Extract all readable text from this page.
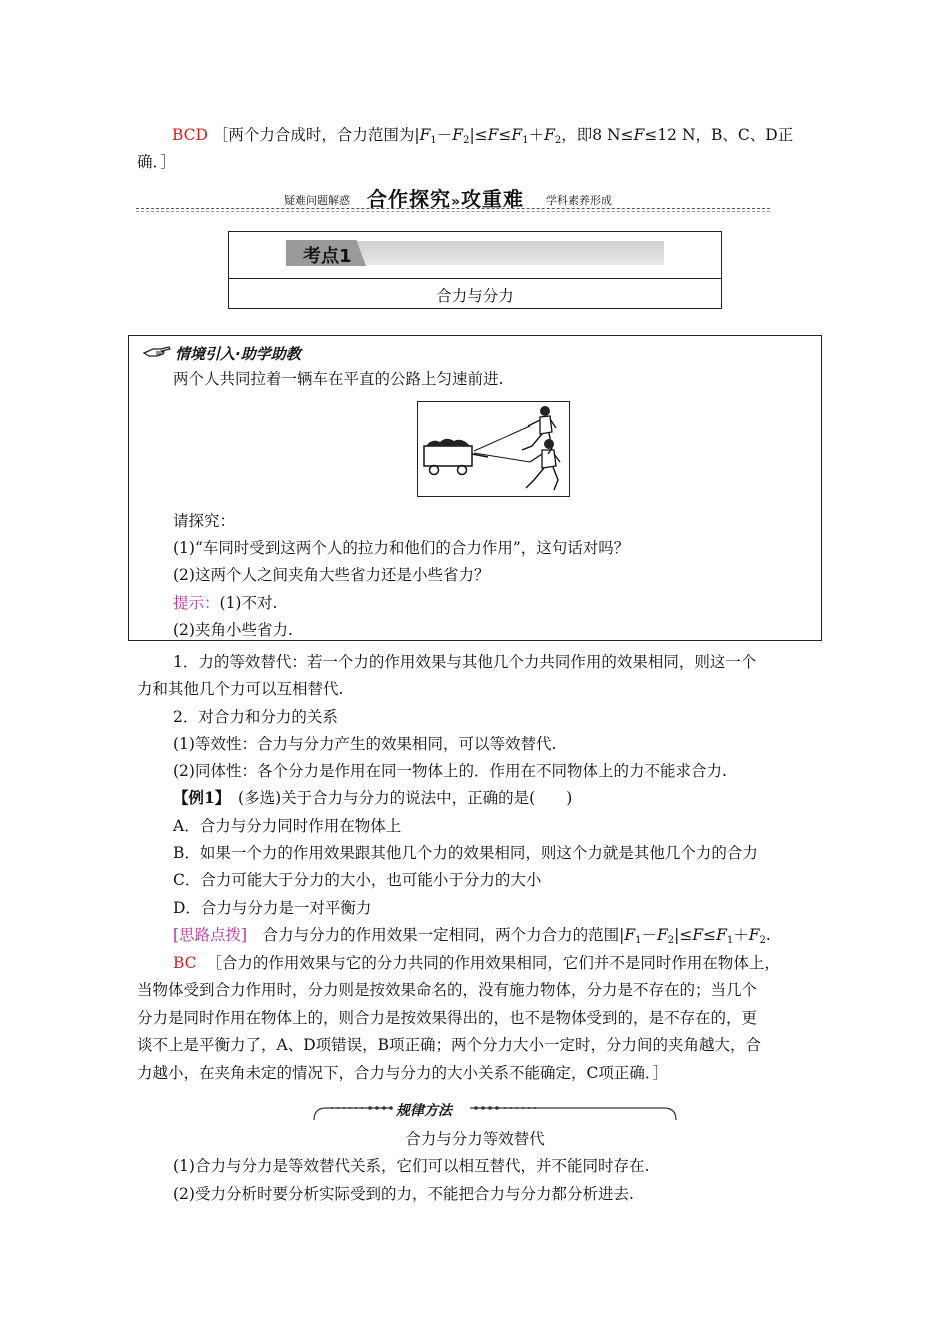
BCD ［两个力合成时，合力范围为$|F_1-F_2|\le F\le F_1+F_2$，即8 N≤F≤12 N，B、C、D正
确．］
疑难问题解惑 合作探究»攻重难 学科素养形成
考点1
合力与分力
情境引入·助学助教
两个人共同拉着一辆车在平直的公路上匀速前进.
请探究：
(1)“车同时受到这两个人的拉力和他们的合力作用”，这句话对吗？
(2)这两个人之间夹角大些省力还是小些省力？
提示：(1)不对.
(2)夹角小些省力.
1．力的等效替代：若一个力的作用效果与其他几个力共同作用的效果相同，则这一个
力和其他几个力可以互相替代.
2．对合力和分力的关系
(1)等效性：合力与分力产生的效果相同，可以等效替代.
(2)同体性：各个分力是作用在同一物体上的．作用在不同物体上的力不能求合力.
【例1】　(多选)关于合力与分力的说法中，正确的是(　　)
A．合力与分力同时作用在物体上
B．如果一个力的作用效果跟其他几个力的效果相同，则这个力就是其他几个力的合力
C．合力可能大于分力的大小，也可能小于分力的大小
D．合力与分力是一对平衡力
[思路点拨]　合力与分力的作用效果一定相同，两个力合力的范围$|F_1-F_2|\le F\le F_1+F_2$.
BC ［合力的作用效果与它的分力共同的作用效果相同，它们并不是同时作用在物体上，
当物体受到合力作用时，分力则是按效果命名的，没有施力物体，分力是不存在的；当几个
分力是同时作用在物体上的，则合力是按效果得出的，也不是物体受到的，是不存在的，更
谈不上是平衡力了，A、D项错误，B项正确；两个分力大小一定时，分力间的夹角越大，合
力越小，在夹角未定的情况下，合力与分力的大小关系不能确定，C项正确．］
规律方法
合力与分力等效替代
(1)合力与分力是等效替代关系，它们可以相互替代，并不能同时存在.
(2)受力分析时要分析实际受到的力，不能把合力与分力都分析进去.
